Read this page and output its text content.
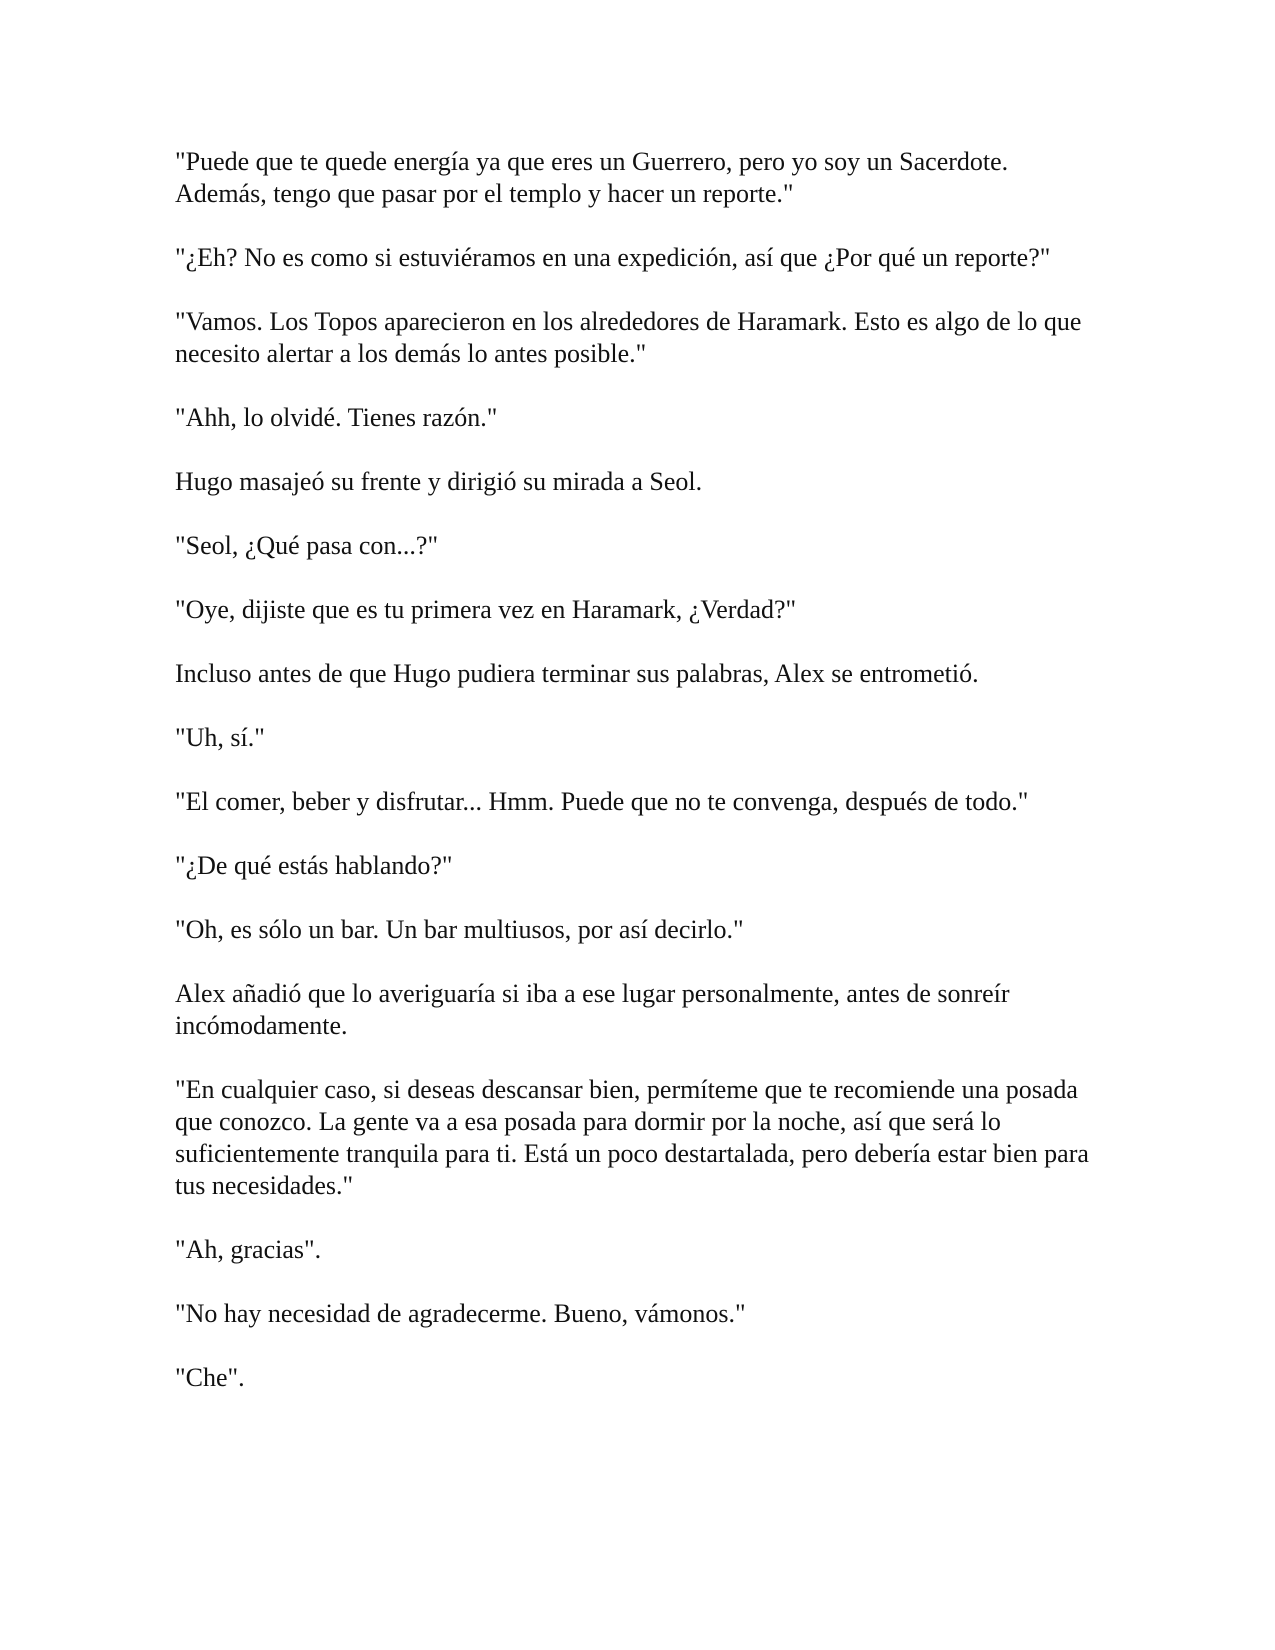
"Puede que te quede energía ya que eres un Guerrero, pero yo soy un Sacerdote. Además, tengo que pasar por el templo y hacer un reporte."

"¿Eh? No es como si estuviéramos en una expedición, así que ¿Por qué un reporte?"

"Vamos. Los Topos aparecieron en los alrededores de Haramark. Esto es algo de lo que necesito alertar a los demás lo antes posible."

"Ahh, lo olvidé. Tienes razón."

Hugo masajeó su frente y dirigió su mirada a Seol.

"Seol, ¿Qué pasa con...?"

"Oye, dijiste que es tu primera vez en Haramark, ¿Verdad?"

Incluso antes de que Hugo pudiera terminar sus palabras, Alex se entrometió.

"Uh, sí."

"El comer, beber y disfrutar... Hmm. Puede que no te convenga, después de todo."

"¿De qué estás hablando?"

"Oh, es sólo un bar. Un bar multiusos, por así decirlo."

Alex añadió que lo averiguaría si iba a ese lugar personalmente, antes de sonreír incómodamente.

"En cualquier caso, si deseas descansar bien, permíteme que te recomiende una posada que conozco. La gente va a esa posada para dormir por la noche, así que será lo suficientemente tranquila para ti. Está un poco destartalada, pero debería estar bien para tus necesidades."

"Ah, gracias".

"No hay necesidad de agradecerme. Bueno, vámonos."

"Che".
